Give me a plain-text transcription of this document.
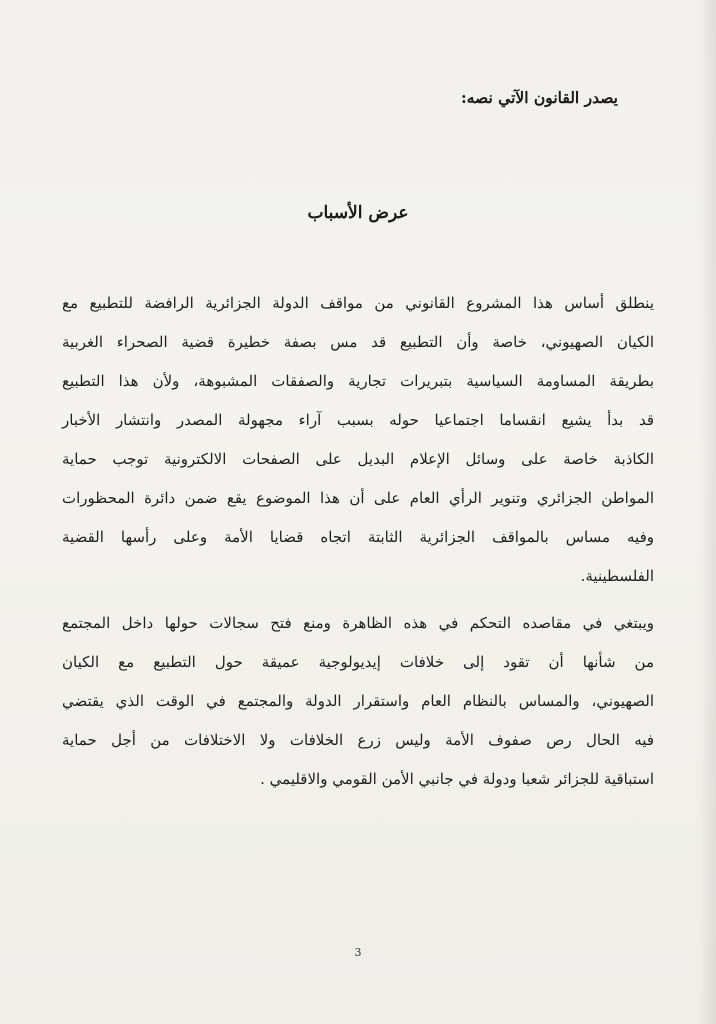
يصدر القانون الآتي نصه:
عرض الأسباب
ينطلق أساس هذا المشروع القانوني من مواقف الدولة الجزائرية الرافضة للتطبيع مع
الكيان الصهيوني، خاصة وأن التطبيع قد مس بصفة خطيرة قضية الصحراء الغربية
بطريقة المساومة السياسية بتبريرات تجارية والصفقات المشبوهة، ولأن هذا التطبيع
قد بدأ يشيع انقساما اجتماعيا حوله بسبب آراء مجهولة المصدر وانتشار الأخبار
الكاذبة خاصة على وسائل الإعلام البديل على الصفحات الالكترونية توجب حماية
المواطن الجزائري وتنوير الرأي العام على أن هذا الموضوع يقع ضمن دائرة المحظورات
وفيه مساس بالمواقف الجزائرية الثابتة اتجاه قضايا الأمة وعلى رأسها القضية
الفلسطينية.
ويبتغي في مقاصده التحكم في هذه الظاهرة ومنع فتح سجالات حولها داخل المجتمع
من شأنها أن تقود إلى خلافات إيديولوجية عميقة حول التطبيع مع الكيان
الصهيوني، والمساس بالنظام العام واستقرار الدولة والمجتمع في الوقت الذي يقتضي
فيه الحال رص صفوف الأمة وليس زرع الخلافات ولا الاختلافات من أجل حماية
استباقية للجزائر شعبا ودولة في جانبي الأمن القومي والاقليمي .
3
